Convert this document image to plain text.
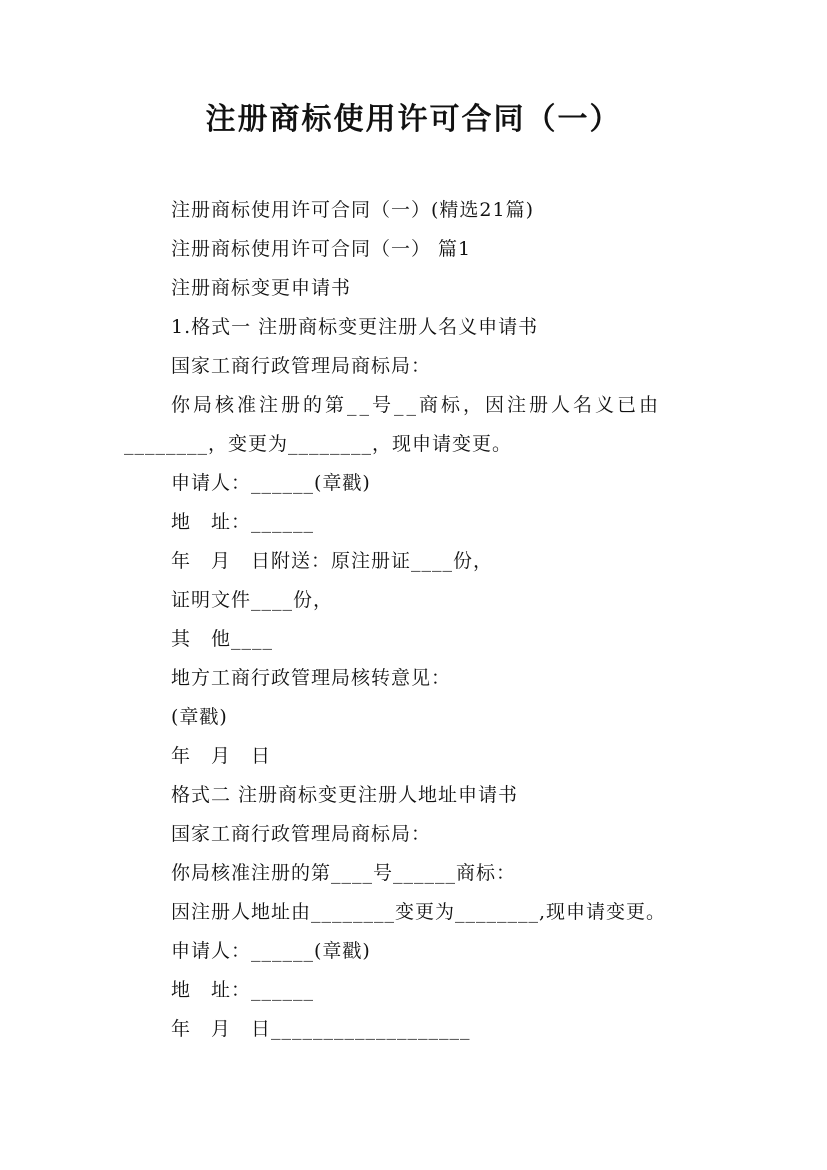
注册商标使用许可合同（一）

注册商标使用许可合同（一）(精选21篇)

注册商标使用许可合同（一） 篇1

注册商标变更申请书

1.格式一 注册商标变更注册人名义申请书

国家工商行政管理局商标局：

你局核准注册的第__号__商标，因注册人名义已由

________，变更为________，现申请变更。

申请人：______(章戳)

地　址：______

年　月　日附送：原注册证____份，

证明文件____份，

其　他____

地方工商行政管理局核转意见：

(章戳)

年　月　日

格式二 注册商标变更注册人地址申请书

国家工商行政管理局商标局：

你局核准注册的第____号______商标：

因注册人地址由________变更为________,现申请变更。

申请人：______(章戳)

地　址：______

年　月　日___________________
